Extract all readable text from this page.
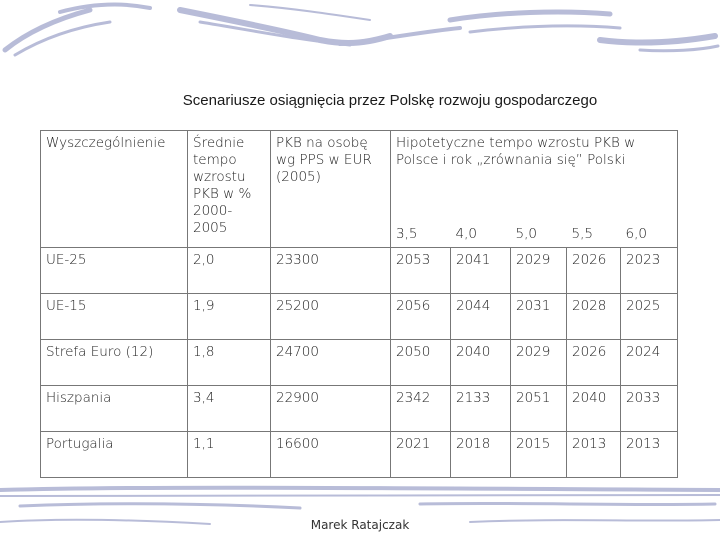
Scenariusze osiągnięcia przez Polskę rozwoju gospodarczego
Wyszczególnienie	Średnie tempo wzrostu PKB w % 2000-2005	PKB na osobę wg PPS w EUR (2005)	Hipotetyczne tempo wzrostu PKB w Polsce i rok „zrównania się” Polski				
			3,5	4,0	5,0	5,5	6,0
UE-25	2,0	23300	2053	2041	2029	2026	2023
UE-15	1,9	25200	2056	2044	2031	2028	2025
Strefa Euro (12)	1,8	24700	2050	2040	2029	2026	2024
Hiszpania	3,4	22900	2342	2133	2051	2040	2033
Portugalia	1,1	16600	2021	2018	2015	2013	2013
Marek Ratajczak
